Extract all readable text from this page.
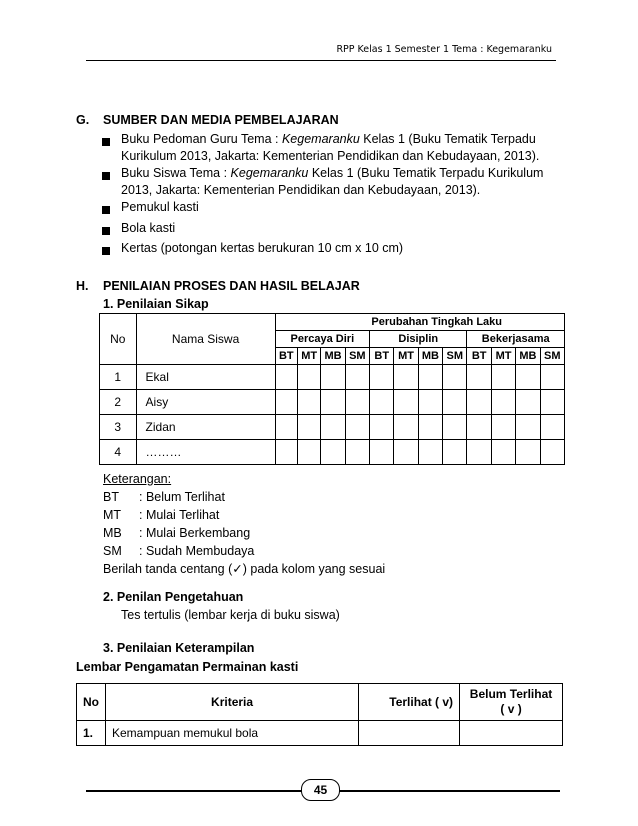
RPP Kelas 1 Semester 1 Tema : Kegemaranku
G. SUMBER DAN MEDIA PEMBELAJARAN
Buku Pedoman Guru Tema : Kegemaranku Kelas 1 (Buku Tematik Terpadu
Kurikulum 2013, Jakarta: Kementerian Pendidikan dan Kebudayaan, 2013).
Buku Siswa Tema : Kegemaranku Kelas 1 (Buku Tematik Terpadu Kurikulum
2013, Jakarta: Kementerian Pendidikan dan Kebudayaan, 2013).
Pemukul kasti
Bola kasti
Kertas (potongan kertas berukuran 10 cm x 10 cm)
H. PENILAIAN PROSES DAN HASIL BELAJAR
1. Penilaian Sikap
No	Nama Siswa	Perubahan Tingkah Laku											
		Percaya Diri				Disiplin				Bekerjasama			
		BT	MT	MB	SM	BT	MT	MB	SM	BT	MT	MB	SM
1	Ekal												
2	Aisy												
3	Zidan												
4	………												
Keterangan:
BT : Belum Terlihat
MT : Mulai Terlihat
MB : Mulai Berkembang
SM : Sudah Membudaya
Berilah tanda centang (✓) pada kolom yang sesuai
2. Penilan Pengetahuan
Tes tertulis (lembar kerja di buku siswa)
3. Penilaian Keterampilan
Lembar Pengamatan Permainan kasti
No	Kriteria	Terlihat ( v)	Belum Terlihat
( v )
1.	Kemampuan memukul bola		
45
